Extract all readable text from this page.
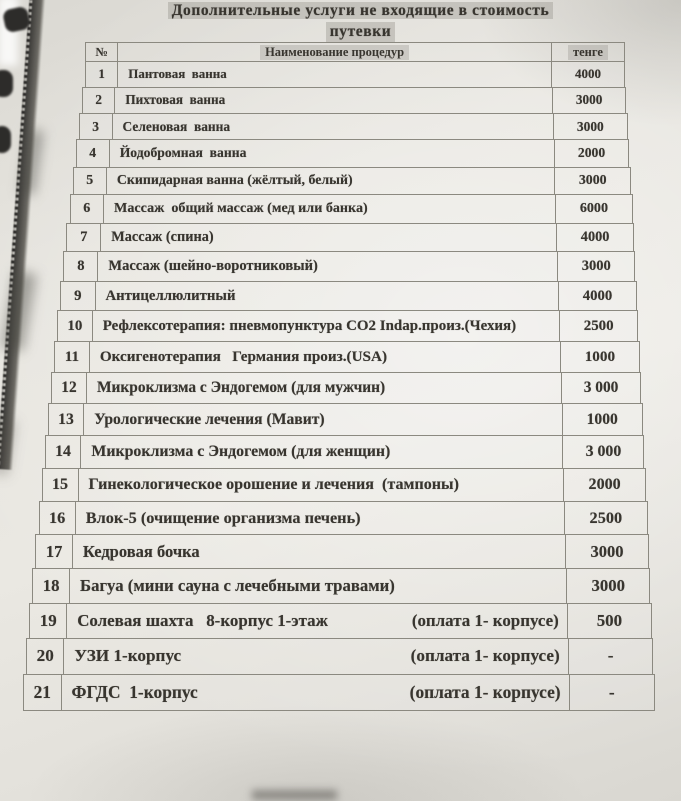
Дополнительные услуги не входящие в стоимость
путевки
№	Наименование процедур	тенге
1	Пантовая  ванна	4000
2	Пихтовая  ванна	3000
3	Селеновая  ванна	3000
4	Йодобромная  ванна	2000
5	Скипидарная ванна (жёлтый, белый)	3000
6	Массаж  общий массаж (мед или банка)	6000
7	Массаж (спина)	4000
8	Массаж (шейно-воротниковый)	3000
9	Антицеллюлитный	4000
10	Рефлексотерапия: пневмопунктура CO2 Indap.произ.(Чехия)	2500
11	Оксигенотерапия   Германия произ.(USA)	1000
12	Микроклизма с Эндогемом (для мужчин)	3 000
13	Урологические лечения (Мавит)	1000
14	Микроклизма с Эндогемом (для женщин)	3 000
15	Гинекологическое орошение и лечения  (тампоны)	2000
16	Влок-5 (очищение организма печень)	2500
17	Кедровая бочка	3000
18	Багуа (мини сауна с лечебными травами)	3000
19	Солевая шахта   8-корпус 1-этаж	(оплата 1- корпусе)	500
20	УЗИ 1-корпус	(оплата 1- корпусе)	-
21	ФГДС  1-корпус	(оплата 1- корпусе)	-
